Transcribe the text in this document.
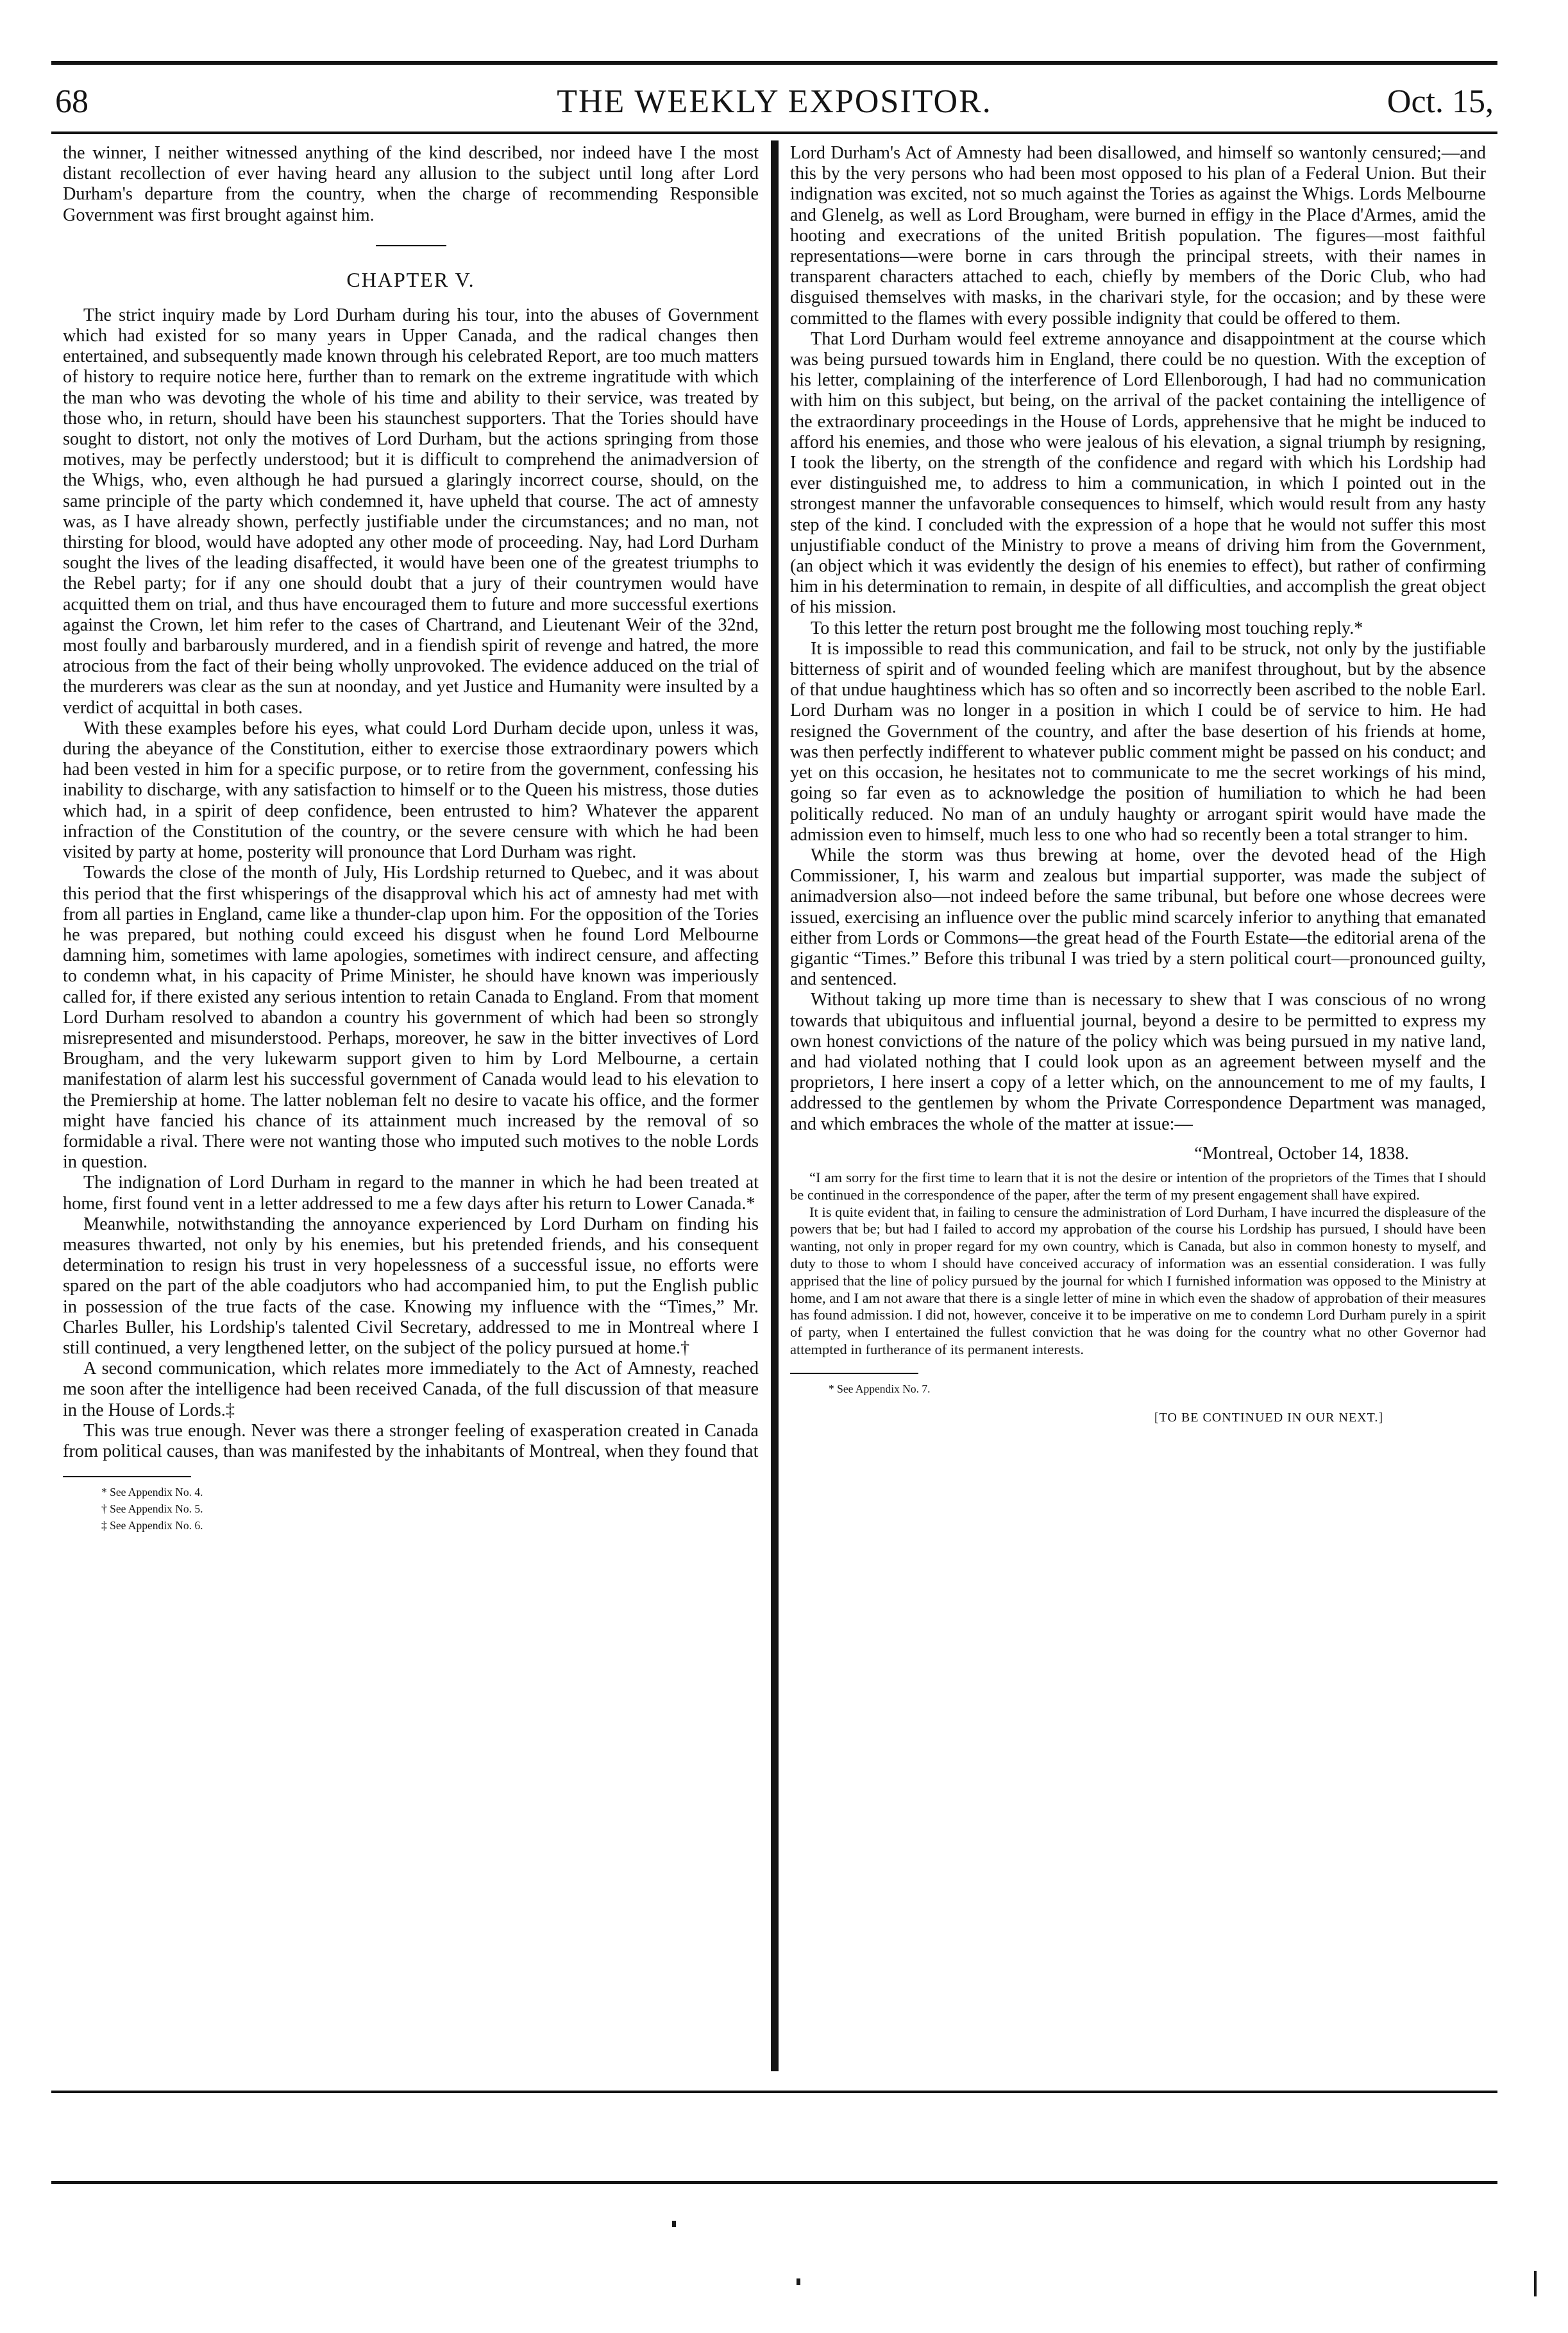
68	THE WEEKLY EXPOSITOR.	Oct. 15,

the winner, I neither witnessed anything of the kind described, nor indeed have I the most distant recollection of ever having heard any allusion to the subject until long after Lord Durham's departure from the country, when the charge of recommending Responsible Government was first brought against him.

CHAPTER V.

The strict inquiry made by Lord Durham during his tour, into the abuses of Government which had existed for so many years in Upper Canada, and the radical changes then entertained, and subsequently made known through his celebrated Report, are too much matters of history to require notice here, further than to remark on the extreme ingratitude with which the man who was devoting the whole of his time and ability to their service, was treated by those who, in return, should have been his staunchest supporters. That the Tories should have sought to distort, not only the motives of Lord Durham, but the actions springing from those motives, may be perfectly understood; but it is difficult to comprehend the animadversion of the Whigs, who, even although he had pursued a glaringly incorrect course, should, on the same principle of the party which condemned it, have upheld that course. The act of amnesty was, as I have already shown, perfectly justifiable under the circumstances; and no man, not thirsting for blood, would have adopted any other mode of proceeding. Nay, had Lord Durham sought the lives of the leading disaffected, it would have been one of the greatest triumphs to the Rebel party; for if any one should doubt that a jury of their countrymen would have acquitted them on trial, and thus have encouraged them to future and more successful exertions against the Crown, let him refer to the cases of Chartrand, and Lieutenant Weir of the 32nd, most foully and barbarously murdered, and in a fiendish spirit of revenge and hatred, the more atrocious from the fact of their being wholly unprovoked. The evidence adduced on the trial of the murderers was clear as the sun at noonday, and yet Justice and Humanity were insulted by a verdict of acquittal in both cases.

With these examples before his eyes, what could Lord Durham decide upon, unless it was, during the abeyance of the Constitution, either to exercise those extraordinary powers which had been vested in him for a specific purpose, or to retire from the government, confessing his inability to discharge, with any satisfaction to himself or to the Queen his mistress, those duties which had, in a spirit of deep confidence, been entrusted to him? Whatever the apparent infraction of the Constitution of the country, or the severe censure with which he had been visited by party at home, posterity will pronounce that Lord Durham was right.

Towards the close of the month of July, His Lordship returned to Quebec, and it was about this period that the first whisperings of the disapproval which his act of amnesty had met with from all parties in England, came like a thunder-clap upon him. For the opposition of the Tories he was prepared, but nothing could exceed his disgust when he found Lord Melbourne damning him, sometimes with lame apologies, sometimes with indirect censure, and affecting to condemn what, in his capacity of Prime Minister, he should have known was imperiously called for, if there existed any serious intention to retain Canada to England. From that moment Lord Durham resolved to abandon a country his government of which had been so strongly misrepresented and misunderstood. Perhaps, moreover, he saw in the bitter invectives of Lord Brougham, and the very lukewarm support given to him by Lord Melbourne, a certain manifestation of alarm lest his successful government of Canada would lead to his elevation to the Premiership at home. The latter nobleman felt no desire to vacate his office, and the former might have fancied his chance of its attainment much increased by the removal of so formidable a rival. There were not wanting those who imputed such motives to the noble Lords in question.

The indignation of Lord Durham in regard to the manner in which he had been treated at home, first found vent in a letter addressed to me a few days after his return to Lower Canada.*

Meanwhile, notwithstanding the annoyance experienced by Lord Durham on finding his measures thwarted, not only by his enemies, but his pretended friends, and his consequent determination to resign his trust in very hopelessness of a successful issue, no efforts were spared on the part of the able coadjutors who had accompanied him, to put the English public in possession of the true facts of the case. Knowing my influence with the “Times,” Mr. Charles Buller, his Lordship's talented Civil Secretary, addressed to me in Montreal where I still continued, a very lengthened letter, on the subject of the policy pursued at home.†

A second communication, which relates more immediately to the Act of Amnesty, reached me soon after the intelligence had been received Canada, of the full discussion of that measure in the House of Lords.‡

This was true enough. Never was there a stronger feeling of exasperation created in Canada from political causes, than was manifested by the inhabitants of Montreal, when they found that

* See Appendix No. 4.
† See Appendix No. 5.
‡ See Appendix No. 6.

Lord Durham's Act of Amnesty had been disallowed, and himself so wantonly censured;—and this by the very persons who had been most opposed to his plan of a Federal Union. But their indignation was excited, not so much against the Tories as against the Whigs. Lords Melbourne and Glenelg, as well as Lord Brougham, were burned in effigy in the Place d'Armes, amid the hooting and execrations of the united British population. The figures—most faithful representations—were borne in cars through the principal streets, with their names in transparent characters attached to each, chiefly by members of the Doric Club, who had disguised themselves with masks, in the charivari style, for the occasion; and by these were committed to the flames with every possible indignity that could be offered to them.

That Lord Durham would feel extreme annoyance and disappointment at the course which was being pursued towards him in England, there could be no question. With the exception of his letter, complaining of the interference of Lord Ellenborough, I had had no communication with him on this subject, but being, on the arrival of the packet containing the intelligence of the extraordinary proceedings in the House of Lords, apprehensive that he might be induced to afford his enemies, and those who were jealous of his elevation, a signal triumph by resigning, I took the liberty, on the strength of the confidence and regard with which his Lordship had ever distinguished me, to address to him a communication, in which I pointed out in the strongest manner the unfavorable consequences to himself, which would result from any hasty step of the kind. I concluded with the expression of a hope that he would not suffer this most unjustifiable conduct of the Ministry to prove a means of driving him from the Government, (an object which it was evidently the design of his enemies to effect), but rather of confirming him in his determination to remain, in despite of all difficulties, and accomplish the great object of his mission.

To this letter the return post brought me the following most touching reply.*

It is impossible to read this communication, and fail to be struck, not only by the justifiable bitterness of spirit and of wounded feeling which are manifest throughout, but by the absence of that undue haughtiness which has so often and so incorrectly been ascribed to the noble Earl. Lord Durham was no longer in a position in which I could be of service to him. He had resigned the Government of the country, and after the base desertion of his friends at home, was then perfectly indifferent to whatever public comment might be passed on his conduct; and yet on this occasion, he hesitates not to communicate to me the secret workings of his mind, going so far even as to acknowledge the position of humiliation to which he had been politically reduced. No man of an unduly haughty or arrogant spirit would have made the admission even to himself, much less to one who had so recently been a total stranger to him.

While the storm was thus brewing at home, over the devoted head of the High Commissioner, I, his warm and zealous but impartial supporter, was made the subject of animadversion also—not indeed before the same tribunal, but before one whose decrees were issued, exercising an influence over the public mind scarcely inferior to anything that emanated either from Lords or Commons—the great head of the Fourth Estate—the editorial arena of the gigantic “Times.” Before this tribunal I was tried by a stern political court—pronounced guilty, and sentenced.

Without taking up more time than is necessary to shew that I was conscious of no wrong towards that ubiquitous and influential journal, beyond a desire to be permitted to express my own honest convictions of the nature of the policy which was being pursued in my native land, and had violated nothing that I could look upon as an agreement between myself and the proprietors, I here insert a copy of a letter which, on the announcement to me of my faults, I addressed to the gentlemen by whom the Private Correspondence Department was managed, and which embraces the whole of the matter at issue:—

“Montreal, October 14, 1838.

“I am sorry for the first time to learn that it is not the desire or intention of the proprietors of the Times that I should be continued in the correspondence of the paper, after the term of my present engagement shall have expired.

It is quite evident that, in failing to censure the administration of Lord Durham, I have incurred the displeasure of the powers that be; but had I failed to accord my approbation of the course his Lordship has pursued, I should have been wanting, not only in proper regard for my own country, which is Canada, but also in common honesty to myself, and duty to those to whom I should have conceived accuracy of information was an essential consideration. I was fully apprised that the line of policy pursued by the journal for which I furnished information was opposed to the Ministry at home, and I am not aware that there is a single letter of mine in which even the shadow of approbation of their measures has found admission. I did not, however, conceive it to be imperative on me to condemn Lord Durham purely in a spirit of party, when I entertained the fullest conviction that he was doing for the country what no other Governor had attempted in furtherance of its permanent interests.

* See Appendix No. 7.
[TO BE CONTINUED IN OUR NEXT.]
